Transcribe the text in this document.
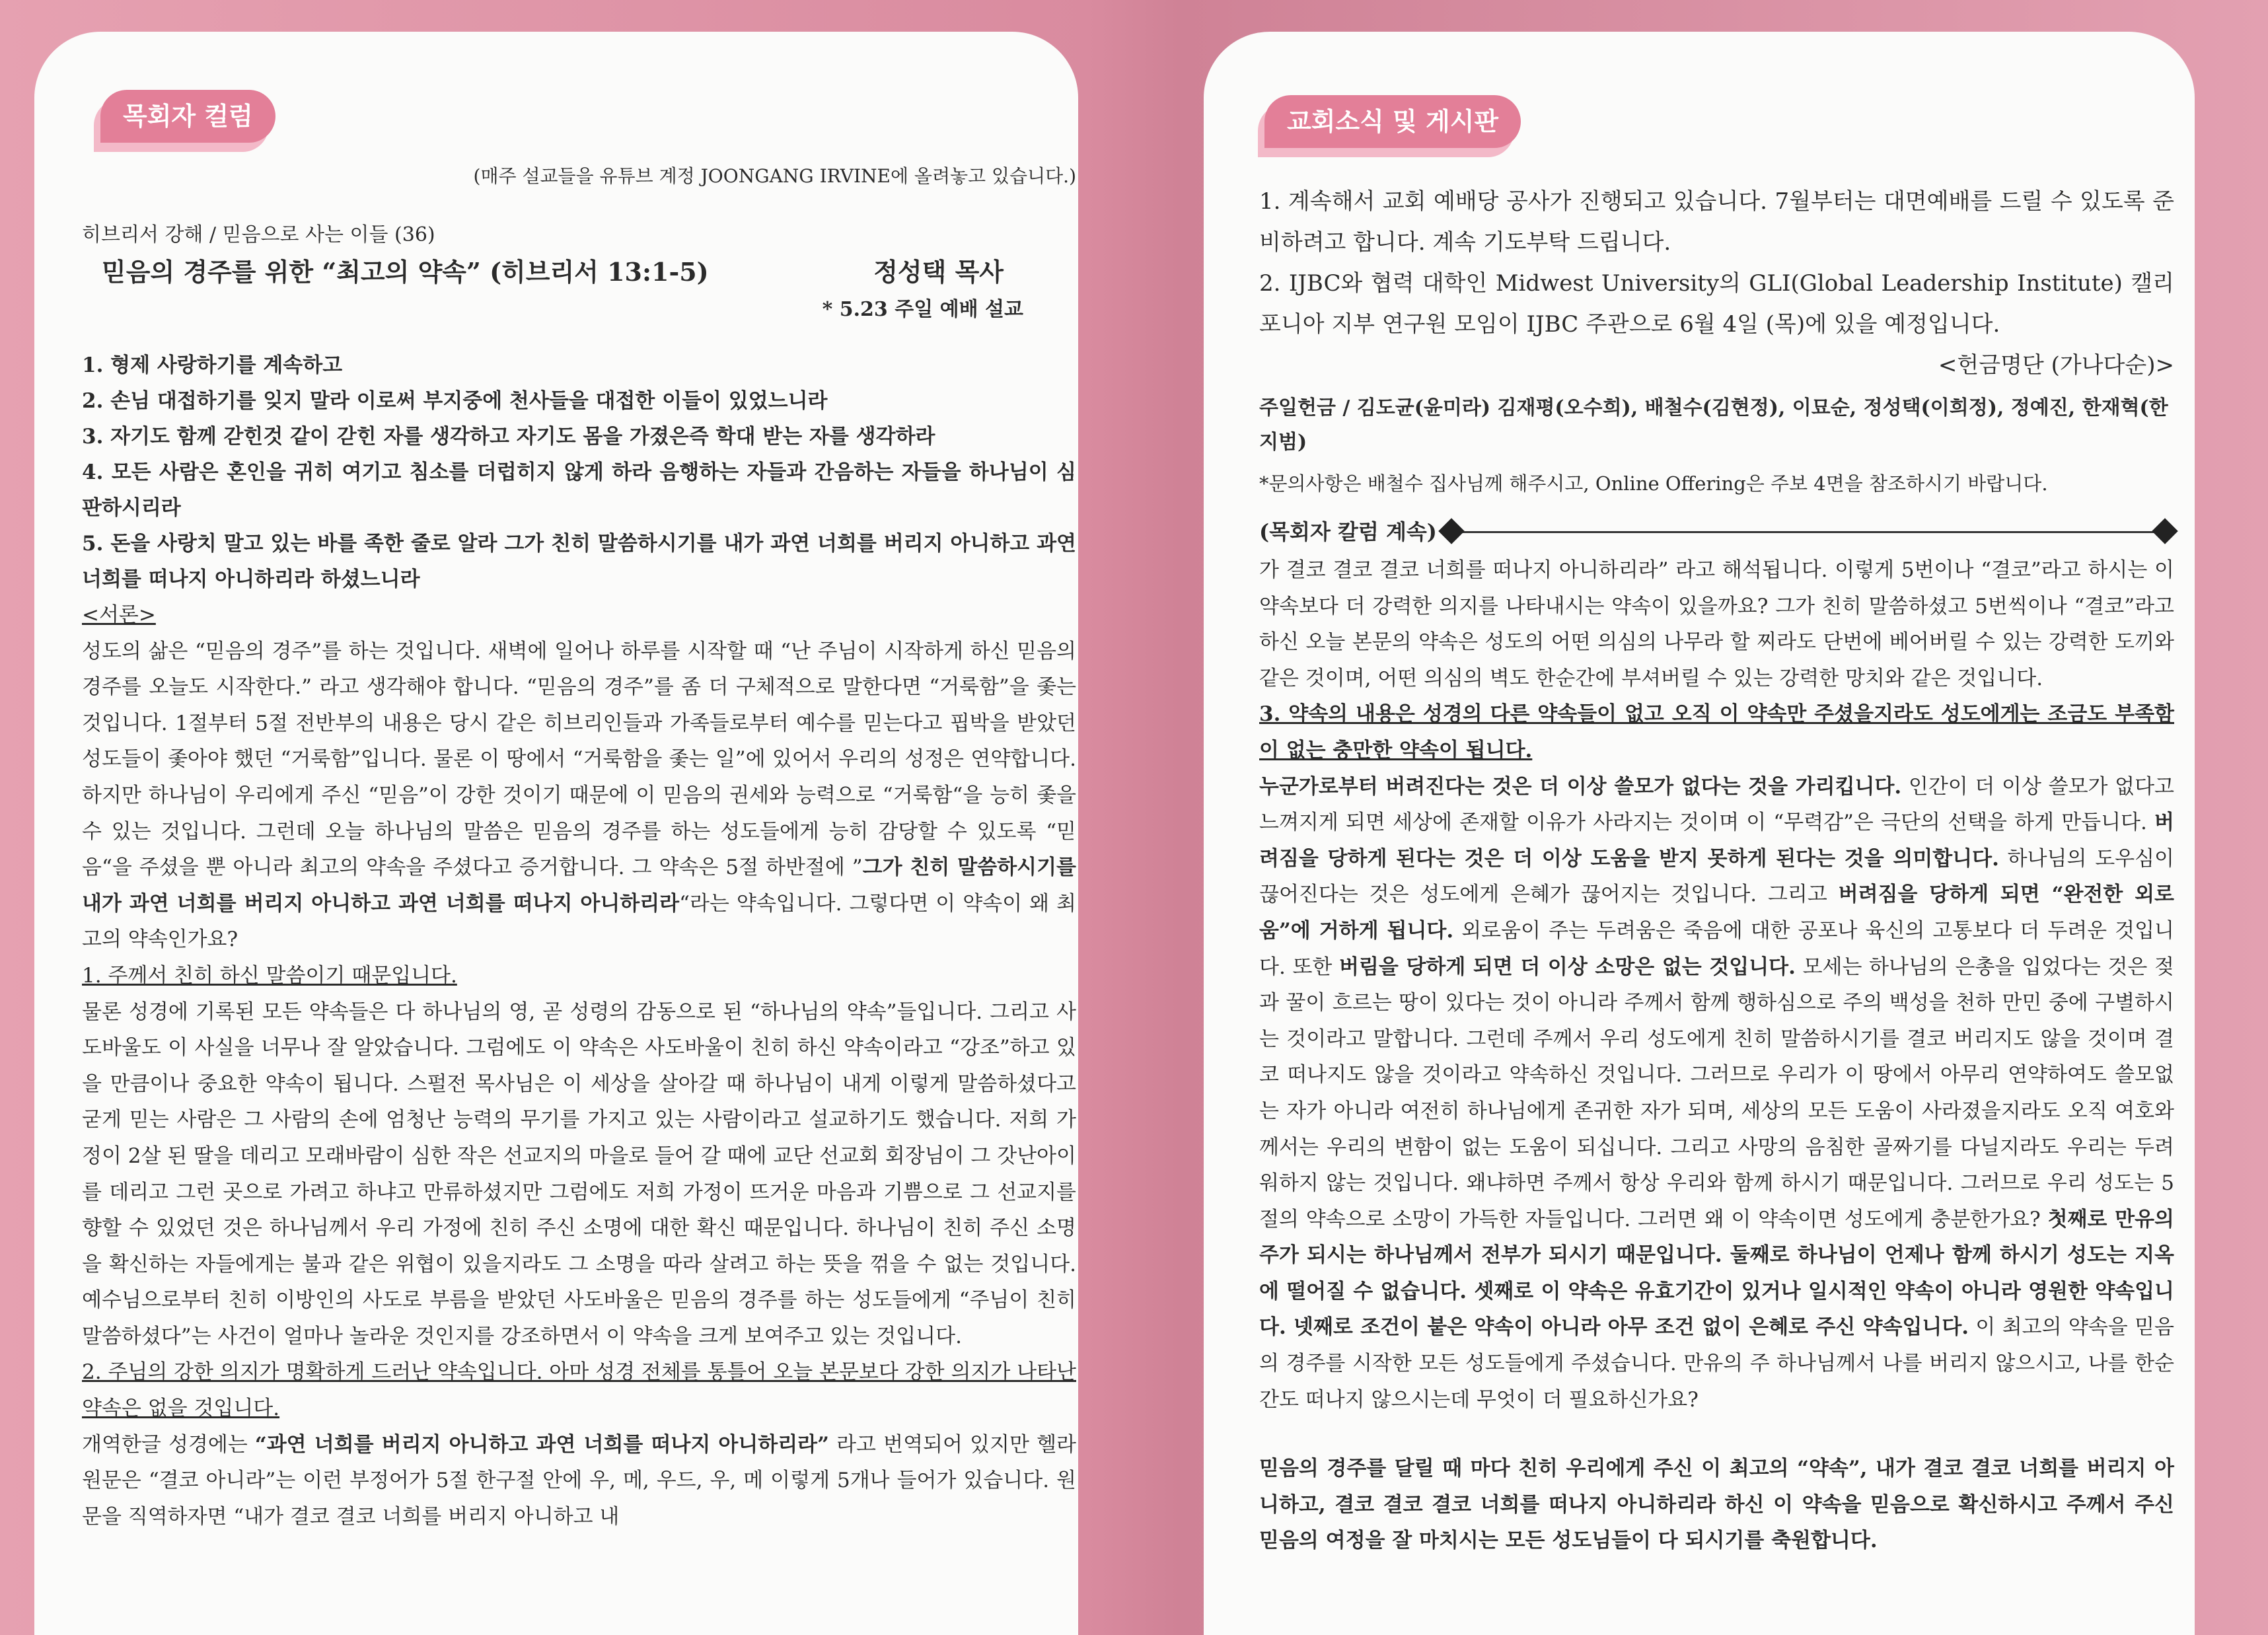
목회자 컬럼

(매주 설교들을 유튜브 계정 JOONGANG IRVINE에 올려놓고 있습니다.)

히브리서 강해 / 믿음으로 사는 이들 (36)

믿음의 경주를 위한 “최고의 약속” (히브리서 13:1-5)	정성택 목사

* 5.23 주일 예배 설교

1. 형제 사랑하기를 계속하고

2. 손님 대접하기를 잊지 말라 이로써 부지중에 천사들을 대접한 이들이 있었느니라

3. 자기도 함께 갇힌것 같이 갇힌 자를 생각하고 자기도 몸을 가졌은즉 학대 받는 자를 생각하라

4. 모든 사람은 혼인을 귀히 여기고 침소를 더럽히지 않게 하라 음행하는 자들과 간음하는 자들을 하나님이 심판하시리라

5. 돈을 사랑치 말고 있는 바를 족한 줄로 알라 그가 친히 말씀하시기를 내가 과연 너희를 버리지 아니하고 과연 너희를 떠나지 아니하리라 하셨느니라

<서론>

성도의 삶은 “믿음의 경주”를 하는 것입니다. 새벽에 일어나 하루를 시작할 때 “난 주님이 시작하게 하신 믿음의 경주를 오늘도 시작한다.” 라고 생각해야 합니다. “믿음의 경주”를 좀 더 구체적으로 말한다면 “거룩함”을 좇는 것입니다. 1절부터 5절 전반부의 내용은 당시 같은 히브리인들과 가족들로부터 예수를 믿는다고 핍박을 받았던 성도들이 좇아야 했던 “거룩함”입니다. 물론 이 땅에서 “거룩함을 좇는 일”에 있어서 우리의 성정은 연약합니다. 하지만 하나님이 우리에게 주신 “믿음”이 강한 것이기 때문에 이 믿음의 권세와 능력으로 “거룩함“을 능히 좇을 수 있는 것입니다. 그런데 오늘 하나님의 말씀은 믿음의 경주를 하는 성도들에게 능히 감당할 수 있도록 “믿음“을 주셨을 뿐 아니라 최고의 약속을 주셨다고 증거합니다. 그 약속은 5절 하반절에 ”그가 친히 말씀하시기를 내가 과연 너희를 버리지 아니하고 과연 너희를 떠나지 아니하리라“라는 약속입니다. 그렇다면 이 약속이 왜 최고의 약속인가요?

1. 주께서 친히 하신 말씀이기 때문입니다.

물론 성경에 기록된 모든 약속들은 다 하나님의 영, 곧 성령의 감동으로 된 “하나님의 약속”들입니다. 그리고 사도바울도 이 사실을 너무나 잘 알았습니다. 그럼에도 이 약속은 사도바울이 친히 하신 약속이라고 “강조”하고 있을 만큼이나 중요한 약속이 됩니다. 스펄전 목사님은 이 세상을 살아갈 때 하나님이 내게 이렇게 말씀하셨다고 굳게 믿는 사람은 그 사람의 손에 엄청난 능력의 무기를 가지고 있는 사람이라고 설교하기도 했습니다. 저희 가정이 2살 된 딸을 데리고 모래바람이 심한 작은 선교지의 마을로 들어 갈 때에 교단 선교회 회장님이 그 갓난아이를 데리고 그런 곳으로 가려고 하냐고 만류하셨지만 그럼에도 저희 가정이 뜨거운 마음과 기쁨으로 그 선교지를 향할 수 있었던 것은 하나님께서 우리 가정에 친히 주신 소명에 대한 확신 때문입니다. 하나님이 친히 주신 소명을 확신하는 자들에게는 불과 같은 위협이 있을지라도 그 소명을 따라 살려고 하는 뜻을 꺾을 수 없는 것입니다. 예수님으로부터 친히 이방인의 사도로 부름을 받았던 사도바울은 믿음의 경주를 하는 성도들에게 “주님이 친히 말씀하셨다”는 사건이 얼마나 놀라운 것인지를 강조하면서 이 약속을 크게 보여주고 있는 것입니다.

2. 주님의 강한 의지가 명확하게 드러난 약속입니다. 아마 성경 전체를 통틀어 오늘 본문보다 강한 의지가 나타난 약속은 없을 것입니다.

개역한글 성경에는 “과연 너희를 버리지 아니하고 과연 너희를 떠나지 아니하리라” 라고 번역되어 있지만 헬라 원문은 “결코 아니라”는 이런 부정어가 5절 한구절 안에 우, 메, 우드, 우, 메 이렇게 5개나 들어가 있습니다. 원문을 직역하자면 “내가 결코 결코 너희를 버리지 아니하고 내

교회소식 및 게시판

1. 계속해서 교회 예배당 공사가 진행되고 있습니다. 7월부터는 대면예배를 드릴 수 있도록 준비하려고 합니다. 계속 기도부탁 드립니다.

2. IJBC와 협력 대학인 Midwest University의 GLI(Global Leadership Institute) 캘리포니아 지부 연구원 모임이 IJBC 주관으로 6월 4일 (목)에 있을 예정입니다.

<헌금명단 (가나다순)>

주일헌금 / 김도균(윤미라) 김재평(오수희), 배철수(김현정), 이묘순, 정성택(이희정), 정예진, 한재혁(한지범)

*문의사항은 배철수 집사님께 해주시고, Online Offering은 주보 4면을 참조하시기 바랍니다.

(목회자 칼럼 계속)

가 결코 결코 결코 너희를 떠나지 아니하리라” 라고 해석됩니다. 이렇게 5번이나 “결코”라고 하시는 이 약속보다 더 강력한 의지를 나타내시는 약속이 있을까요? 그가 친히 말씀하셨고 5번씩이나 “결코”라고 하신 오늘 본문의 약속은 성도의 어떤 의심의 나무라 할 찌라도 단번에 베어버릴 수 있는 강력한 도끼와 같은 것이며, 어떤 의심의 벽도 한순간에 부셔버릴 수 있는 강력한 망치와 같은 것입니다.

3. 약속의 내용은 성경의 다른 약속들이 없고 오직 이 약속만 주셨을지라도 성도에게는 조금도 부족함이 없는 충만한 약속이 됩니다.

누군가로부터 버려진다는 것은 더 이상 쓸모가 없다는 것을 가리킵니다. 인간이 더 이상 쓸모가 없다고 느껴지게 되면 세상에 존재할 이유가 사라지는 것이며 이 “무력감”은 극단의 선택을 하게 만듭니다. 버려짐을 당하게 된다는 것은 더 이상 도움을 받지 못하게 된다는 것을 의미합니다. 하나님의 도우심이 끊어진다는 것은 성도에게 은혜가 끊어지는 것입니다. 그리고 버려짐을 당하게 되면 “완전한 외로움”에 거하게 됩니다. 외로움이 주는 두려움은 죽음에 대한 공포나 육신의 고통보다 더 두려운 것입니다. 또한 버림을 당하게 되면 더 이상 소망은 없는 것입니다. 모세는 하나님의 은총을 입었다는 것은 젖과 꿀이 흐르는 땅이 있다는 것이 아니라 주께서 함께 행하심으로 주의 백성을 천하 만민 중에 구별하시는 것이라고 말합니다. 그런데 주께서 우리 성도에게 친히 말씀하시기를 결코 버리지도 않을 것이며 결코 떠나지도 않을 것이라고 약속하신 것입니다. 그러므로 우리가 이 땅에서 아무리 연약하여도 쓸모없는 자가 아니라 여전히 하나님에게 존귀한 자가 되며, 세상의 모든 도움이 사라졌을지라도 오직 여호와께서는 우리의 변함이 없는 도움이 되십니다. 그리고 사망의 음침한 골짜기를 다닐지라도 우리는 두려워하지 않는 것입니다. 왜냐하면 주께서 항상 우리와 함께 하시기 때문입니다. 그러므로 우리 성도는 5절의 약속으로 소망이 가득한 자들입니다. 그러면 왜 이 약속이면 성도에게 충분한가요? 첫째로 만유의 주가 되시는 하나님께서 전부가 되시기 때문입니다. 둘째로 하나님이 언제나 함께 하시기 성도는 지옥에 떨어질 수 없습니다. 셋째로 이 약속은 유효기간이 있거나 일시적인 약속이 아니라 영원한 약속입니다. 넷째로 조건이 붙은 약속이 아니라 아무 조건 없이 은혜로 주신 약속입니다. 이 최고의 약속을 믿음의 경주를 시작한 모든 성도들에게 주셨습니다. 만유의 주 하나님께서 나를 버리지 않으시고, 나를 한순간도 떠나지 않으시는데 무엇이 더 필요하신가요?

믿음의 경주를 달릴 때 마다 친히 우리에게 주신 이 최고의 “약속”, 내가 결코 결코 너희를 버리지 아니하고, 결코 결코 결코 너희를 떠나지 아니하리라 하신 이 약속을 믿음으로 확신하시고 주께서 주신 믿음의 여정을 잘 마치시는 모든 성도님들이 다 되시기를 축원합니다.
